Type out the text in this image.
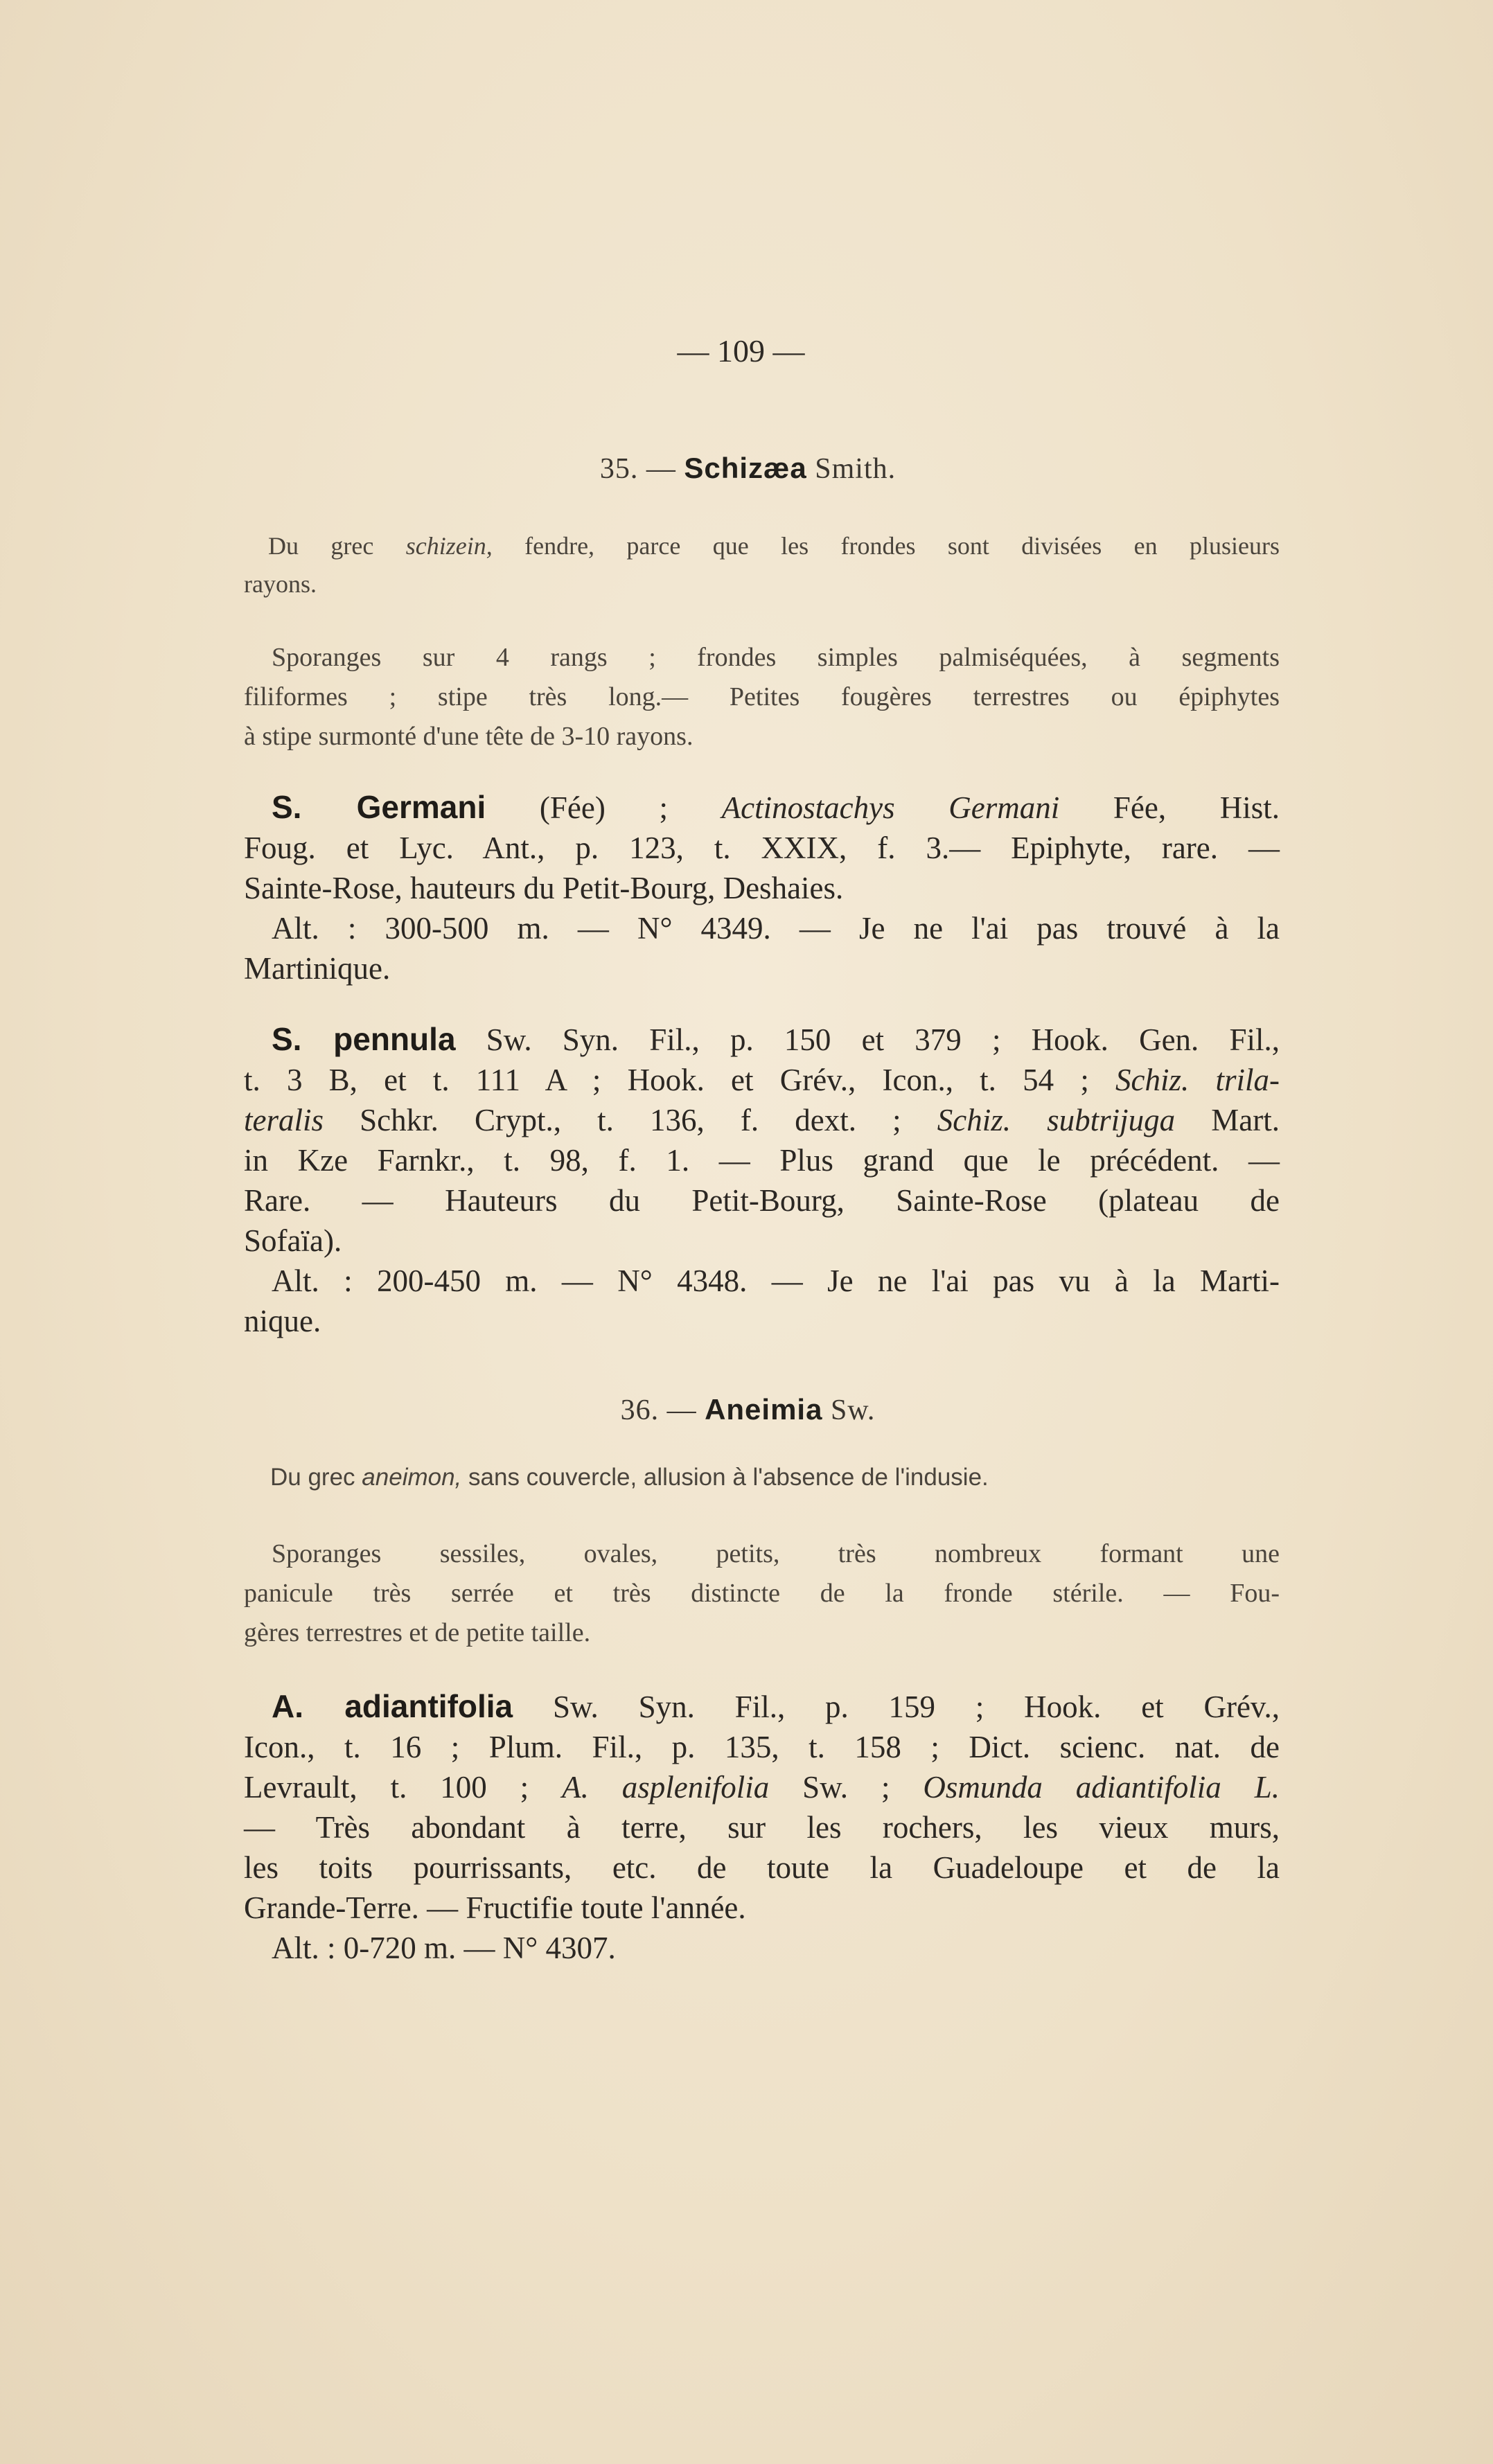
— 109 —
35. — Schizæa Smith.
Du grec schizein, fendre, parce que les frondes sont divisées en plusieurs
rayons.
Sporanges sur 4 rangs ; frondes simples palmiséquées, à segments
filiformes ; stipe très long.— Petites fougères terrestres ou épiphytes
à stipe surmonté d'une tête de 3-10 rayons.
S. Germani (Fée) ; Actinostachys Germani Fée, Hist.
Foug. et Lyc. Ant., p. 123, t. XXIX, f. 3.— Epiphyte, rare. —
Sainte-Rose, hauteurs du Petit-Bourg, Deshaies.
Alt. : 300-500 m. — N° 4349. — Je ne l'ai pas trouvé à la
Martinique.
S. pennula Sw. Syn. Fil., p. 150 et 379 ; Hook. Gen. Fil.,
t. 3 B, et t. 111 A ; Hook. et Grév., Icon., t. 54 ; Schiz. trila-
teralis Schkr. Crypt., t. 136, f. dext. ; Schiz. subtrijuga Mart.
in Kze Farnkr., t. 98, f. 1. — Plus grand que le précédent. —
Rare. — Hauteurs du Petit-Bourg, Sainte-Rose (plateau de
Sofaïa).
Alt. : 200-450 m. — N° 4348. — Je ne l'ai pas vu à la Marti-
nique.
36. — Aneimia Sw.
Du grec aneimon, sans couvercle, allusion à l'absence de l'indusie.
Sporanges sessiles, ovales, petits, très nombreux formant une
panicule très serrée et très distincte de la fronde stérile. — Fou-
gères terrestres et de petite taille.
A. adiantifolia Sw. Syn. Fil., p. 159 ; Hook. et Grév.,
Icon., t. 16 ; Plum. Fil., p. 135, t. 158 ; Dict. scienc. nat. de
Levrault, t. 100 ; A. asplenifolia Sw. ; Osmunda adiantifolia L.
— Très abondant à terre, sur les rochers, les vieux murs,
les toits pourrissants, etc. de toute la Guadeloupe et de la
Grande-Terre. — Fructifie toute l'année.
Alt. : 0-720 m. — N° 4307.
